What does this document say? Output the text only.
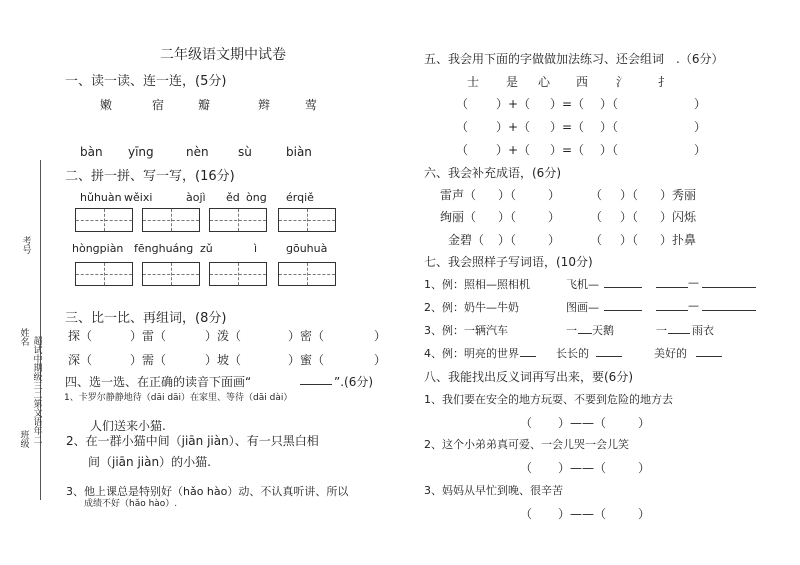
二年级语文期中试卷
考号
姓名
班级
超试中期级三二第文语年二
一、读一读、连一连，(5分)
嫩	宿	瓣	辫	莺
bàn yīng	nèn sù	biàn
二、拼一拼、写一写，(16分)
hǔhuàn wěixi	àojì ěd ònɡ érqiě
hònɡpiàn fēnɡhuánɡ zǔ	ì	ɡōuhuà
三、比一比、再组词，(8分)
探（	）雷（	）泼（	）密（	）
深（	）需（	）坡（	）蜜（	）
四、选一选、在正确的读音下面画“	”.(6分)
1、卡罗尔静静地待（dāi dāi）在家里、等待（dāi dài）
人们送来小猫.
2、在一群小猫中间（jiān jiàn）、有一只黑白相
间（jiān jiàn）的小猫.
3、他上课总是特别好（hǎo hào）动、不认真听讲、所以
成绩不好（hǎo hào）.
五、我会用下面的字做做加法练习、还会组词　.（6分）
士 是 心 西 氵 扌
（ ）+（ ）=（ ）（	）
（ ）+（ ）=（ ）（	）
（ ）+（ ）=（ ）（	）
六、我会补充成语，(6分)
雷声（ ）（	） （ ）（ ）秀丽
绚丽（ ）（	） （ ）（ ）闪烁
金碧（ ）（	） （ ）（ ）扑鼻
七、我会照样子写词语，(10分)
1、例：照相—照相机	飞机—	—
2、例：奶牛—牛奶	图画—	—
3、例：一辆汽车	一 天鹅	一 雨衣
4、例：明亮的世界	长长的	美好的
八、我能找出反义词再写出来，要(6分)
1、我们要在安全的地方玩耍、不要到危险的地方去
（ ）——（	）
2、这个小弟弟真可爱、一会儿哭一会儿笑
（ ）——（	）
3、妈妈从早忙到晚、很辛苦
（ ）——（	）
